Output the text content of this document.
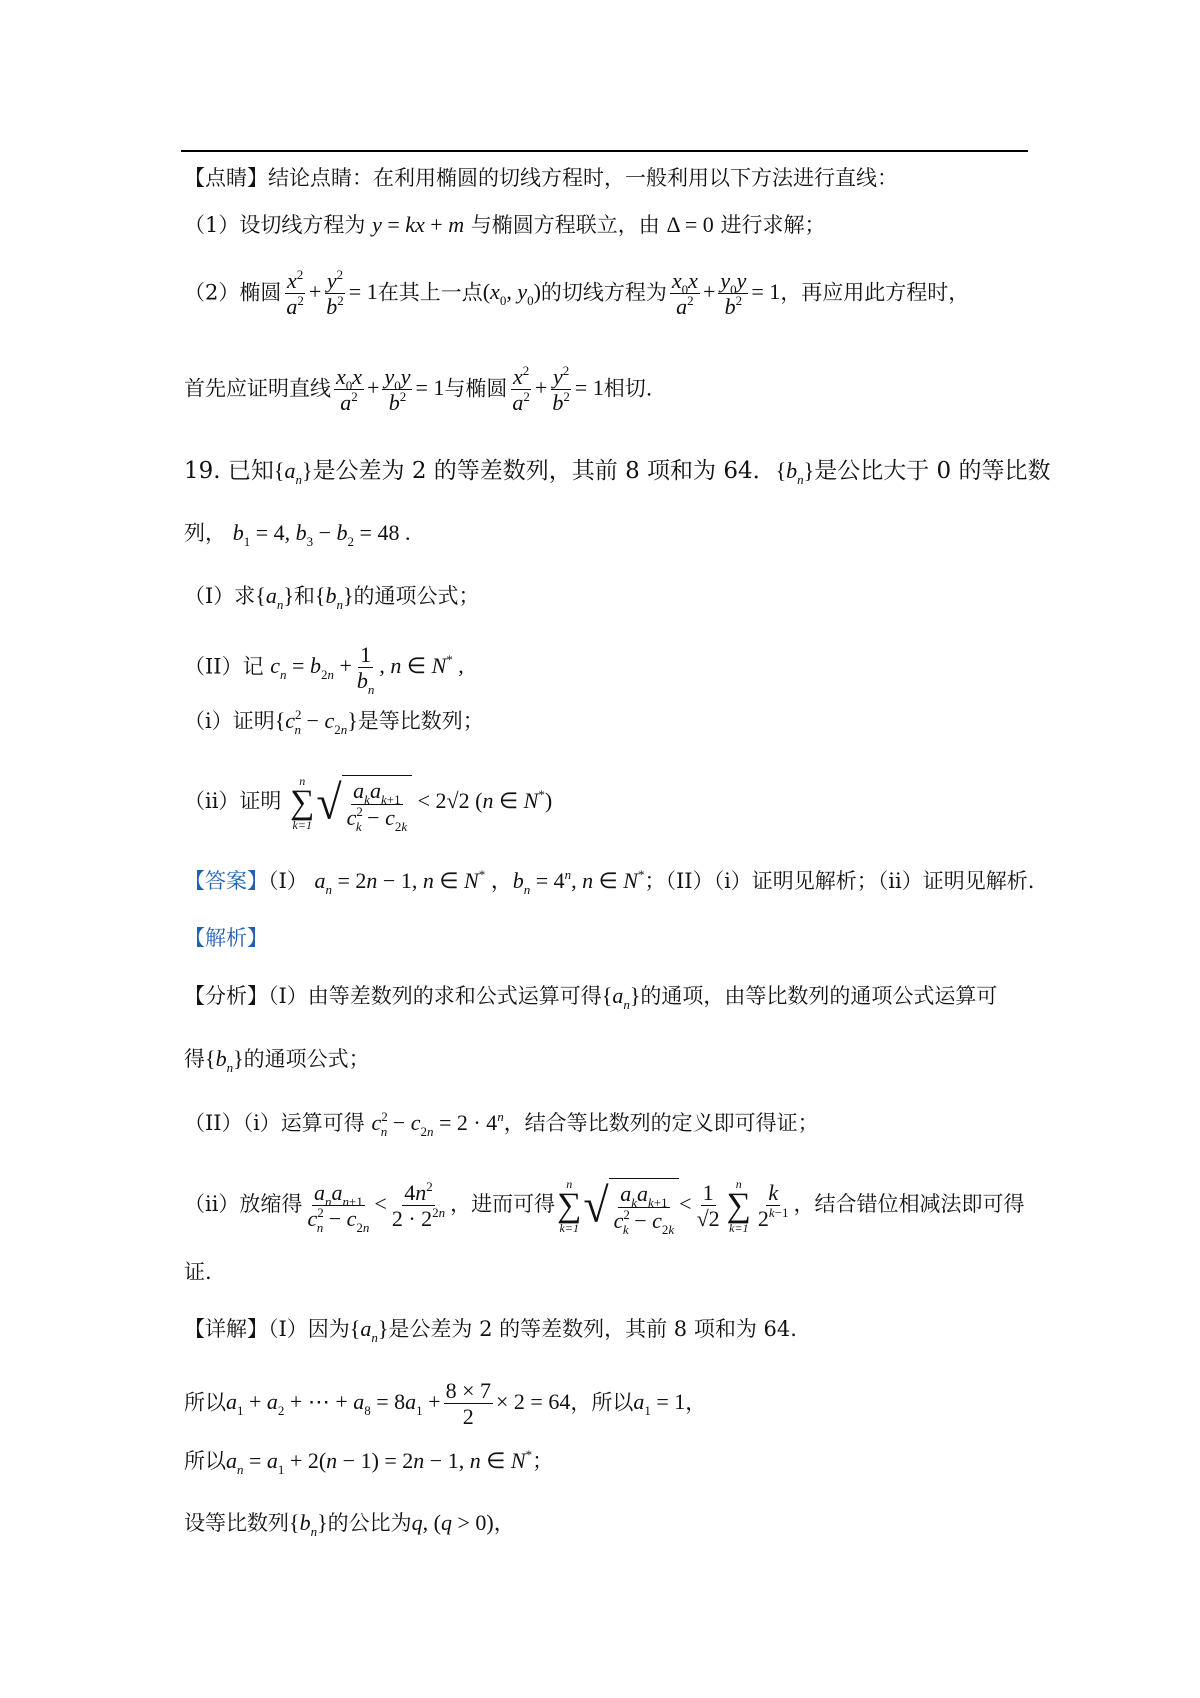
【点睛】结论点睛：在利用椭圆的切线方程时，一般利用以下方法进行直线：
（1）设切线方程为 y = kx + m 与椭圆方程联立，由 Δ = 0 进行求解；
（2）椭圆 $\frac{x^2}{a^2} + \frac{y^2}{b^2} = 1$在其上一点($x_0$, $y_0$)的切线方程为 $\frac{x_0x}{a^2} + \frac{y_0y}{b^2} = 1$，再应用此方程时，
首先应证明直线 $\frac{x_0x}{a^2} + \frac{y_0y}{b^2} = 1$与椭圆 $\frac{x^2}{a^2} + \frac{y^2}{b^2} = 1$相切.
19. 已知$\{a_n\}$是公差为 2 的等差数列，其前 8 项和为 64．$\{b_n\}$是公比大于 0 的等比数
列， $b_1 = 4$, $b_3 - b_2 = 48$ .
（I）求$\{a_n\}$和$\{b_n\}$的通项公式；
（II）记 $c_n = b_{2n} + \frac{1}{b_n}$ , n ∈ N* ,
（i）证明$\{c^2_n - c_{2n}\}$是等比数列；
（ii）证明
n
∑
k=1 √ $\frac{a_ka_{k+1}}{c^2_k - c_{2k}} < 2√2$ (n ∈ N*)
【答案】（I） $a_n = 2n - 1$, n ∈ N* ，$b_n = 4^n$, n ∈ N*；（II）（i）证明见解析；（ii）证明见解析.
【解析】
【分析】（I）由等差数列的求和公式运算可得$\{a_n\}$的通项，由等比数列的通项公式运算可
得$\{b_n\}$的通项公式；
（II）（i）运算可得 $c^2_n - c_{2n} = 2 \cdot 4^n$，结合等比数列的定义即可得证；
（ii）放缩得 $\frac{a_na_{n+1}}{c^2_n - c_{2n}} < \frac{4n^2}{2 \cdot 2^{2n}}$ ，进而可得
n
∑
k=1 √ $\frac{a_ka_{k+1}}{c^2_k - c_{2k}} < \frac{1}{√2}$ n
∑
$k=1 \frac{k}{2^{k-1}}$ ，结合错位相减法即可得
证.
【详解】（I）因为$\{a_n\}$是公差为 2 的等差数列，其前 8 项和为 64.
所以$a_1 + a_2$ + ⋯ + $a_8 = 8a_1 + \frac{8 \times 7}{2} \times 2 = 64$，所以$a_1 = 1$，
所以$a_n = a_1 + 2(n - 1) = 2n - 1$, n ∈ N*；
设等比数列$\{b_n\}$的公比为q, (q > 0)，
